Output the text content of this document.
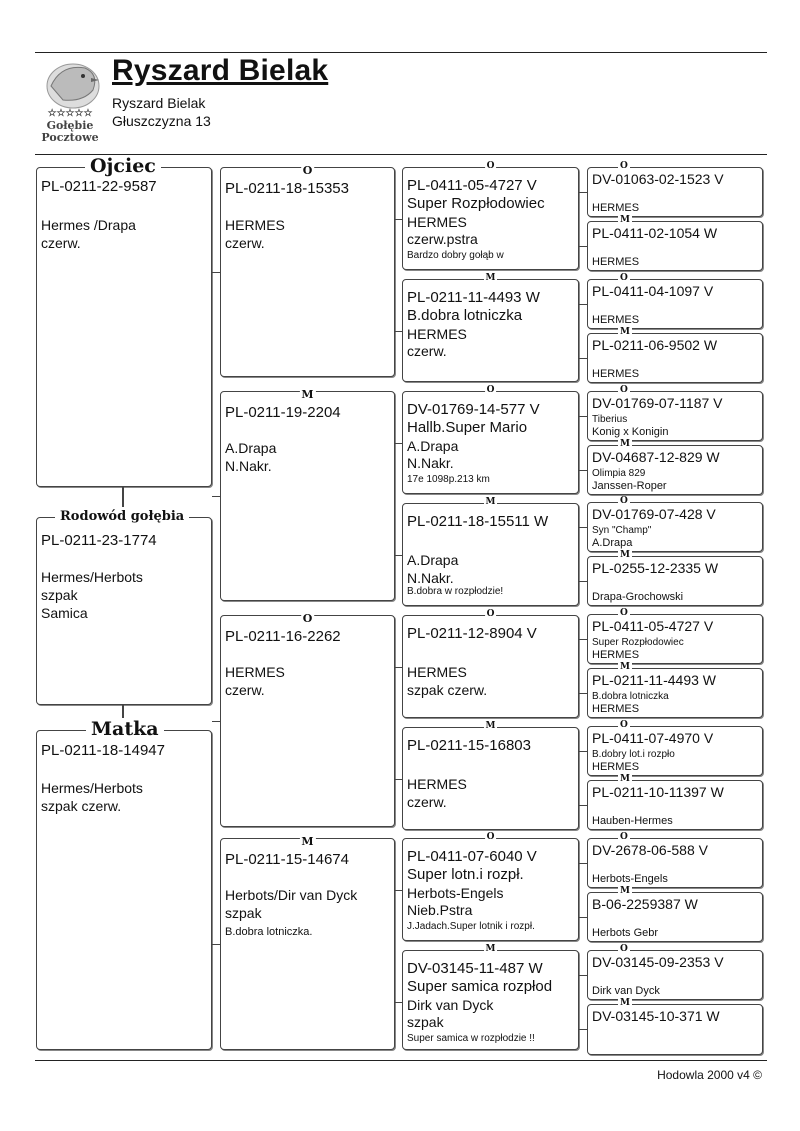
☆☆☆☆☆
Gołębie
Pocztowe
Ryszard Bielak
Ryszard Bielak
Głuszczyzna 13
PL-0211-22-9587
Hermes /Drapa
czerw.
Ojciec
PL-0211-23-1774
Hermes/Herbots
szpak
Samica
Rodowód gołębia
PL-0211-18-14947
Hermes/Herbots
szpak czerw.
Matka
O
PL-0211-18-15353
HERMES
czerw.
M
PL-0211-19-2204
A.Drapa
N.Nakr.
O
PL-0211-16-2262
HERMES
czerw.
M
PL-0211-15-14674
Herbots/Dir van Dyck
szpak
B.dobra lotniczka.
O
PL-0411-05-4727 V
Super Rozpłodowiec
HERMES
czerw.pstra
Bardzo dobry gołąb w
M
PL-0211-11-4493 W
B.dobra lotniczka
HERMES
czerw.
O
DV-01769-14-577 V
Hallb.Super Mario
A.Drapa
N.Nakr.
17e 1098p.213 km
M
PL-0211-18-15511 W
A.Drapa
N.Nakr.
B.dobra w rozpłodzie!
O
PL-0211-12-8904 V
HERMES
szpak czerw.
M
PL-0211-15-16803
HERMES
czerw.
O
PL-0411-07-6040 V
Super lotn.i rozpł.
Herbots-Engels
Nieb.Pstra
J.Jadach.Super lotnik i rozpł.
M
DV-03145-11-487 W
Super samica rozpłod
Dirk van Dyck
szpak
Super samica w rozpłodzie !!
O
DV-01063-02-1523 V
HERMES
M
PL-0411-02-1054 W
HERMES
O
PL-0411-04-1097 V
HERMES
M
PL-0211-06-9502 W
HERMES
O
DV-01769-07-1187 V
Tiberius
Konig x Konigin
M
DV-04687-12-829 W
Olimpia 829
Janssen-Roper
O
DV-01769-07-428 V
Syn "Champ"
A.Drapa
M
PL-0255-12-2335 W
Drapa-Grochowski
O
PL-0411-05-4727 V
Super Rozpłodowiec
HERMES
M
PL-0211-11-4493 W
B.dobra lotniczka
HERMES
O
PL-0411-07-4970 V
B.dobry lot.i rozpło
HERMES
M
PL-0211-10-11397 W
Hauben-Hermes
O
DV-2678-06-588 V
Herbots-Engels
M
B-06-2259387 W
Herbots Gebr
O
DV-03145-09-2353 V
Dirk van Dyck
M
DV-03145-10-371 W
Hodowla 2000 v4 ©
